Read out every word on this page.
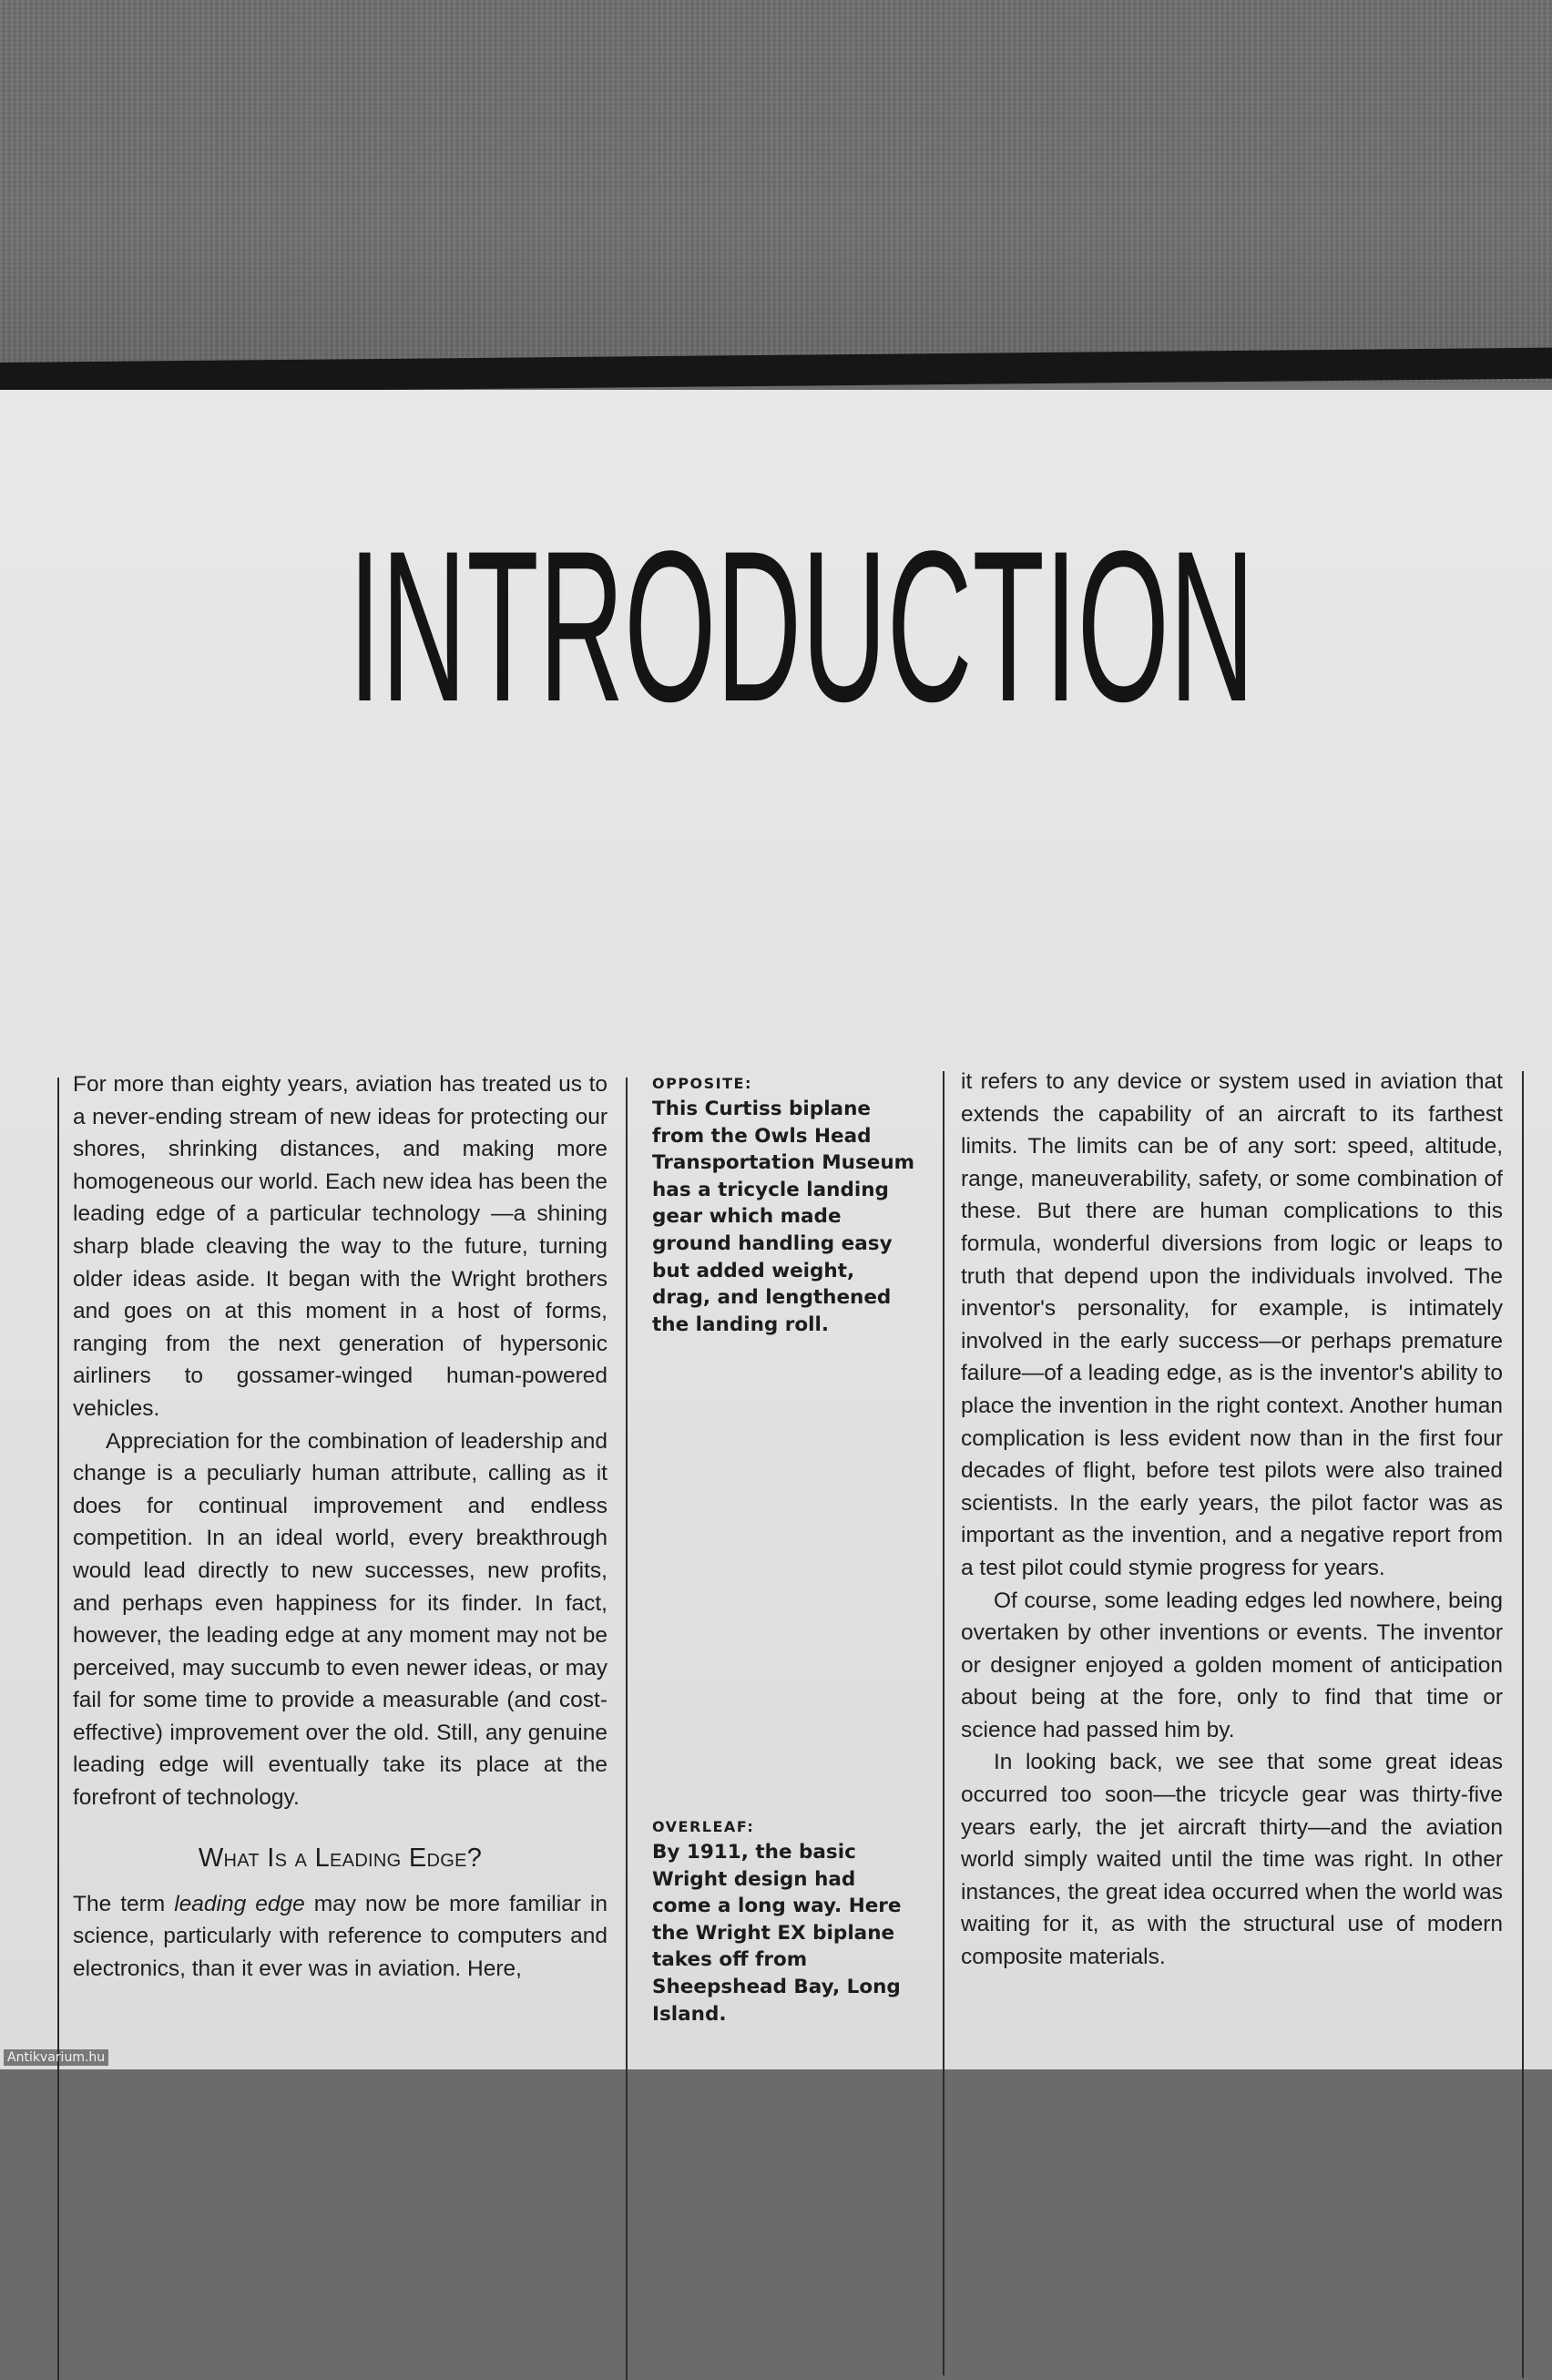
INTRODUCTION

For more than eighty years, aviation has treated us to a never-ending stream of new ideas for protecting our shores, shrinking distances, and making more homogeneous our world. Each new idea has been the leading edge of a particular technology —a shining sharp blade cleaving the way to the future, turning older ideas aside. It began with the Wright brothers and goes on at this moment in a host of forms, ranging from the next generation of hypersonic airliners to gossamer-winged human-powered vehicles.

Appreciation for the combination of leadership and change is a peculiarly human attribute, calling as it does for continual improvement and endless competition. In an ideal world, every breakthrough would lead directly to new successes, new profits, and perhaps even happiness for its finder. In fact, however, the leading edge at any moment may not be perceived, may succumb to even newer ideas, or may fail for some time to provide a measurable (and cost-effective) improvement over the old. Still, any genuine leading edge will eventually take its place at the forefront of technology.

What Is a Leading Edge?

The term leading edge may now be more familiar in science, particularly with reference to computers and electronics, than it ever was in aviation. Here,

OPPOSITE:

This Curtiss biplane from the Owls Head Transportation Museum has a tricycle landing gear which made ground handling easy but added weight, drag, and lengthened the landing roll.

OVERLEAF:

By 1911, the basic Wright design had come a long way. Here the Wright EX biplane takes off from Sheepshead Bay, Long Island.

it refers to any device or system used in aviation that extends the capability of an aircraft to its farthest limits. The limits can be of any sort: speed, altitude, range, maneuverability, safety, or some combination of these. But there are human complications to this formula, wonderful diversions from logic or leaps to truth that depend upon the individuals involved. The inventor's personality, for example, is intimately involved in the early success—or perhaps premature failure—of a leading edge, as is the inventor's ability to place the invention in the right context. Another human complication is less evident now than in the first four decades of flight, before test pilots were also trained scientists. In the early years, the pilot factor was as important as the invention, and a negative report from a test pilot could stymie progress for years.

Of course, some leading edges led nowhere, being overtaken by other inventions or events. The inventor or designer enjoyed a golden moment of anticipation about being at the fore, only to find that time or science had passed him by.

In looking back, we see that some great ideas occurred too soon—the tricycle gear was thirty-five years early, the jet aircraft thirty—and the aviation world simply waited until the time was right. In other instances, the great idea occurred when the world was waiting for it, as with the structural use of modern composite materials.

Antikvarium.hu
